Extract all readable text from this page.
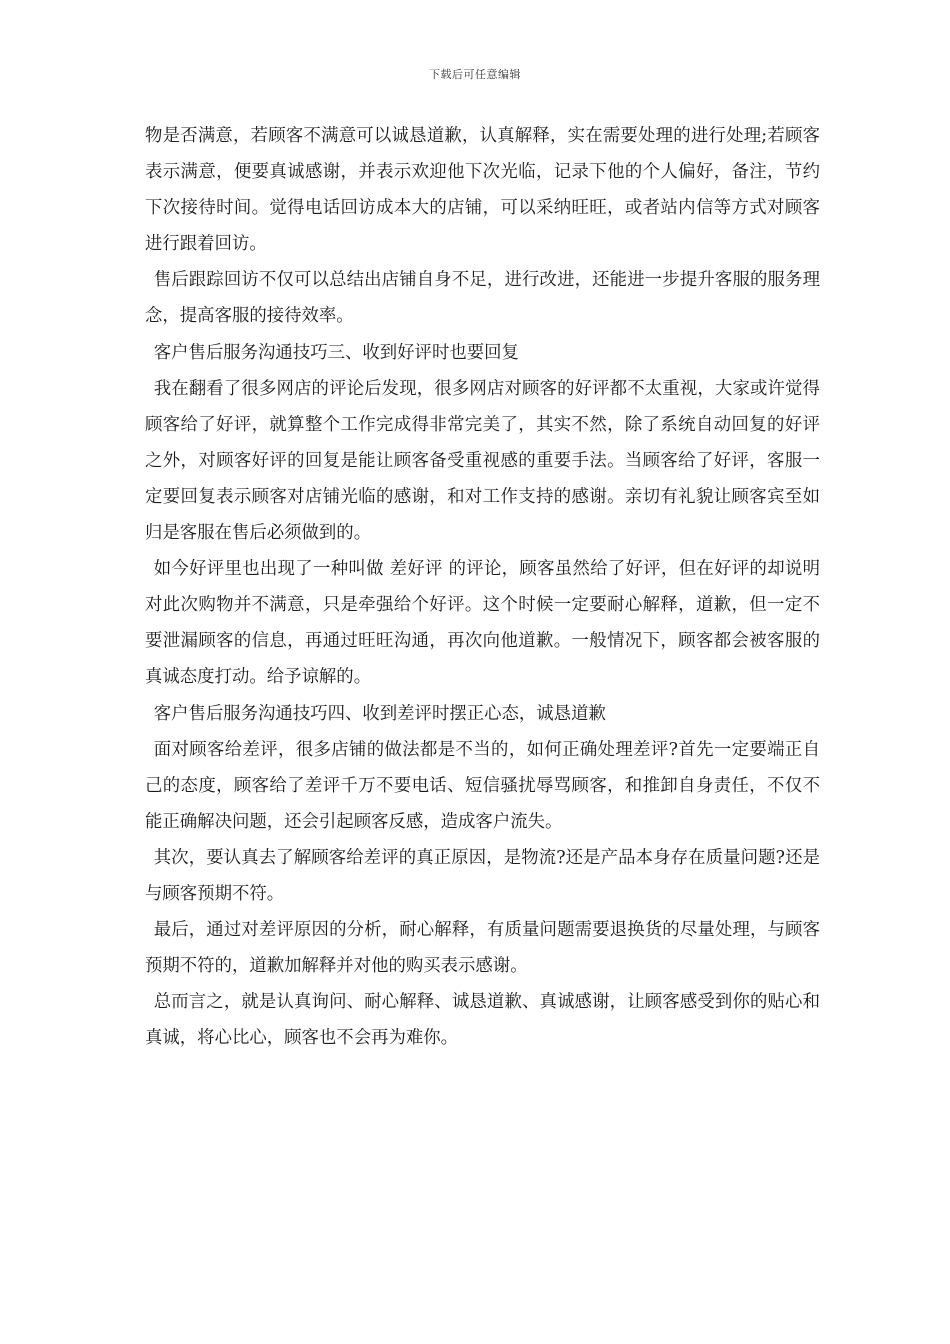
下载后可任意编辑

物是否满意，若顾客不满意可以诚恳道歉，认真解释，实在需要处理的进行处理;若顾客表示满意，便要真诚感谢，并表示欢迎他下次光临，记录下他的个人偏好，备注，节约下次接待时间。觉得电话回访成本大的店铺，可以采纳旺旺，或者站内信等方式对顾客进行跟着回访。

售后跟踪回访不仅可以总结出店铺自身不足，进行改进，还能进一步提升客服的服务理念，提高客服的接待效率。

客户售后服务沟通技巧三、收到好评时也要回复

我在翻看了很多网店的评论后发现，很多网店对顾客的好评都不太重视，大家或许觉得顾客给了好评，就算整个工作完成得非常完美了，其实不然，除了系统自动回复的好评之外，对顾客好评的回复是能让顾客备受重视感的重要手法。当顾客给了好评，客服一定要回复表示顾客对店铺光临的感谢，和对工作支持的感谢。亲切有礼貌让顾客宾至如归是客服在售后必须做到的。

如今好评里也出现了一种叫做 差好评 的评论，顾客虽然给了好评，但在好评的却说明对此次购物并不满意，只是牵强给个好评。这个时候一定要耐心解释，道歉，但一定不要泄漏顾客的信息，再通过旺旺沟通，再次向他道歉。一般情况下，顾客都会被客服的真诚态度打动。给予谅解的。

客户售后服务沟通技巧四、收到差评时摆正心态，诚恳道歉

面对顾客给差评，很多店铺的做法都是不当的，如何正确处理差评?首先一定要端正自己的态度，顾客给了差评千万不要电话、短信骚扰辱骂顾客，和推卸自身责任，不仅不能正确解决问题，还会引起顾客反感，造成客户流失。

其次，要认真去了解顾客给差评的真正原因，是物流?还是产品本身存在质量问题?还是与顾客预期不符。

最后，通过对差评原因的分析，耐心解释，有质量问题需要退换货的尽量处理，与顾客预期不符的，道歉加解释并对他的购买表示感谢。

总而言之，就是认真询问、耐心解释、诚恳道歉、真诚感谢，让顾客感受到你的贴心和真诚，将心比心，顾客也不会再为难你。
